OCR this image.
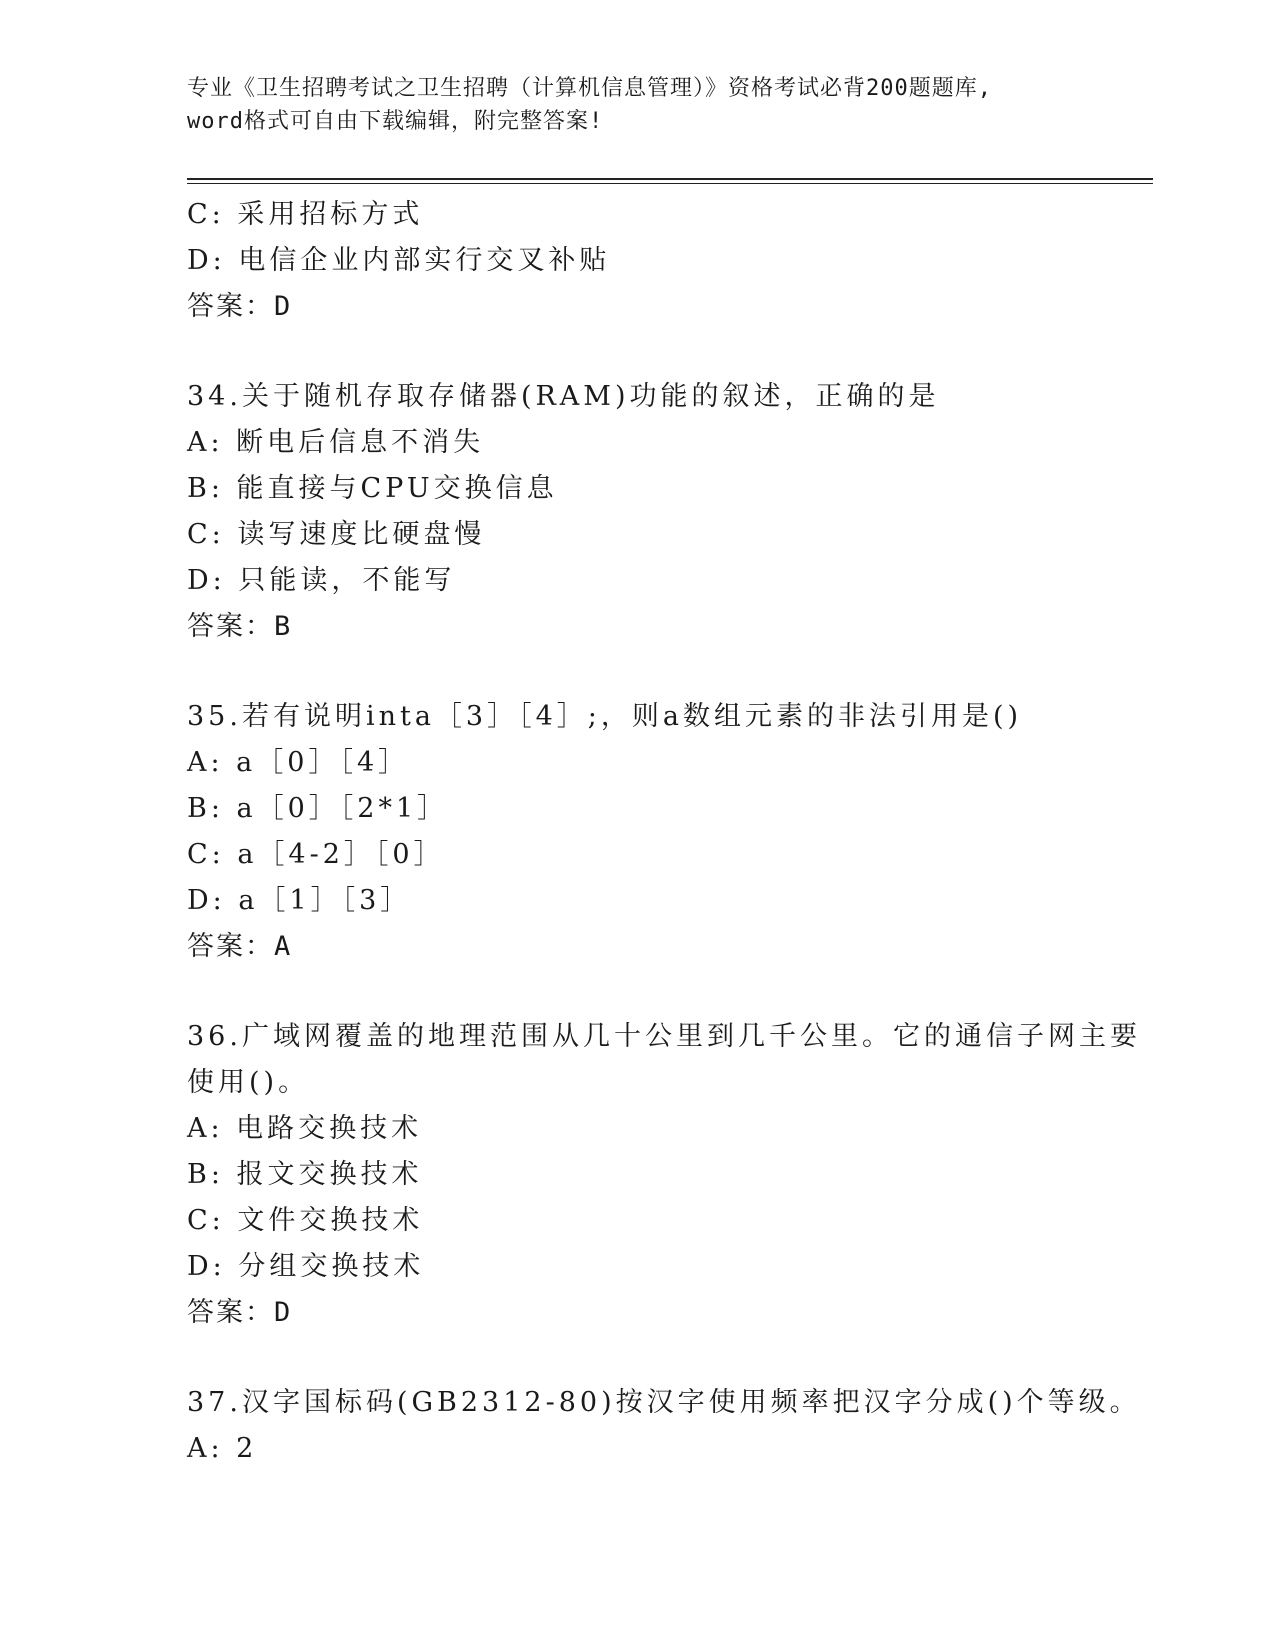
专业《卫生招聘考试之卫生招聘（计算机信息管理）》资格考试必背200题题库,
word格式可自由下载编辑，附完整答案!
C: 采用招标方式
D: 电信企业内部实行交叉补贴
答案：D
34.关于随机存取存储器(RAM)功能的叙述，正确的是
A: 断电后信息不消失
B: 能直接与CPU交换信息
C: 读写速度比硬盘慢
D: 只能读，不能写
答案：B
35.若有说明inta［3］［4］;，则a数组元素的非法引用是()
A: a［0］［4］
B: a［0］［2*1］
C: a［4-2］［0］
D: a［1］［3］
答案：A
36.广域网覆盖的地理范围从几十公里到几千公里。它的通信子网主要
使用()。
A: 电路交换技术
B: 报文交换技术
C: 文件交换技术
D: 分组交换技术
答案：D
37.汉字国标码(GB2312-80)按汉字使用频率把汉字分成()个等级。
A: 2
